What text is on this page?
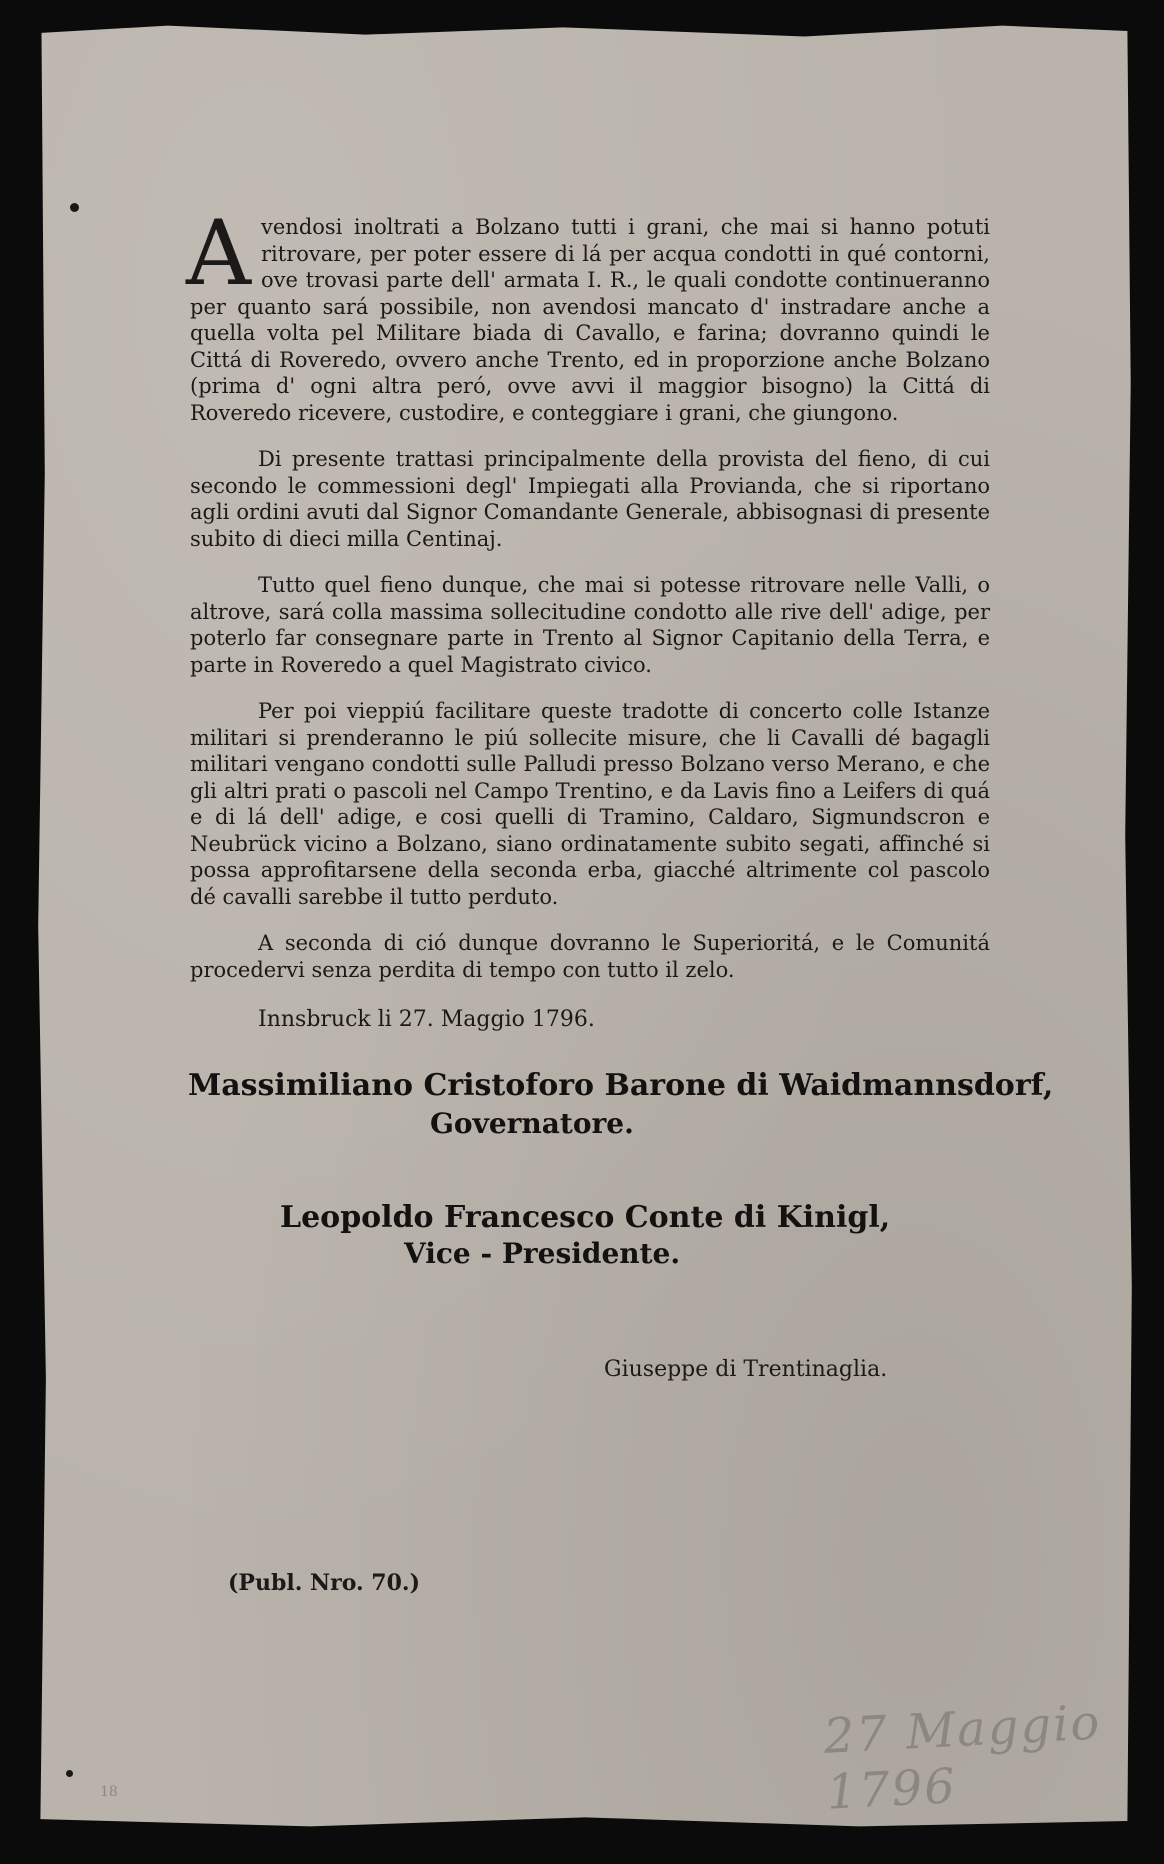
Avendosi inoltrati a Bolzano tutti i grani, che mai si hanno potuti ritrovare, per poter essere di lá per acqua condotti in qué contorni, ove trovasi parte dell' armata I. R., le quali condotte continueranno per quanto sará possibile, non avendosi mancato d' instradare anche a quella volta pel Militare biada di Cavallo, e farina; dovranno quindi le Cittá di Roveredo, ovvero anche Trento, ed in proporzione anche Bolzano (prima d' ogni altra peró, ovve avvi il maggior bisogno) la Cittá di Roveredo ricevere, custodire, e conteggiare i grani, che giungono.

Di presente trattasi principalmente della provista del fieno, di cui secondo le commessioni degl' Impiegati alla Provianda, che si riportano agli ordini avuti dal Signor Comandante Generale, abbisognasi di presente subito di dieci milla Centinaj.

Tutto quel fieno dunque, che mai si potesse ritrovare nelle Valli, o altrove, sará colla massima sollecitudine condotto alle rive dell' adige, per poterlo far consegnare parte in Trento al Signor Capitanio della Terra, e parte in Roveredo a quel Magistrato civico.

Per poi vieppiú facilitare queste tradotte di concerto colle Istanze militari si prenderanno le piú sollecite misure, che li Cavalli dé bagagli militari vengano condotti sulle Palludi presso Bolzano verso Merano, e che gli altri prati o pascoli nel Campo Trentino, e da Lavis fino a Leifers di quá e di lá dell' adige, e cosi quelli di Tramino, Caldaro, Sigmundscron e Neubrück vicino a Bolzano, siano ordinatamente subito segati, affinché si possa approfitarsene della seconda erba, giacché altrimente col pascolo dé cavalli sarebbe il tutto perduto.

A seconda di ció dunque dovranno le Superioritá, e le Comunitá procedervi senza perdita di tempo con tutto il zelo.

Innsbruck li 27. Maggio 1796.
Massimiliano Cristoforo Barone di Waidmannsdorf,
Governatore.
Leopoldo Francesco Conte di Kinigl,
Vice - Presidente.
Giuseppe di Trentinaglia.
(Publ. Nro. 70.)
27 Maggio 1796
18
